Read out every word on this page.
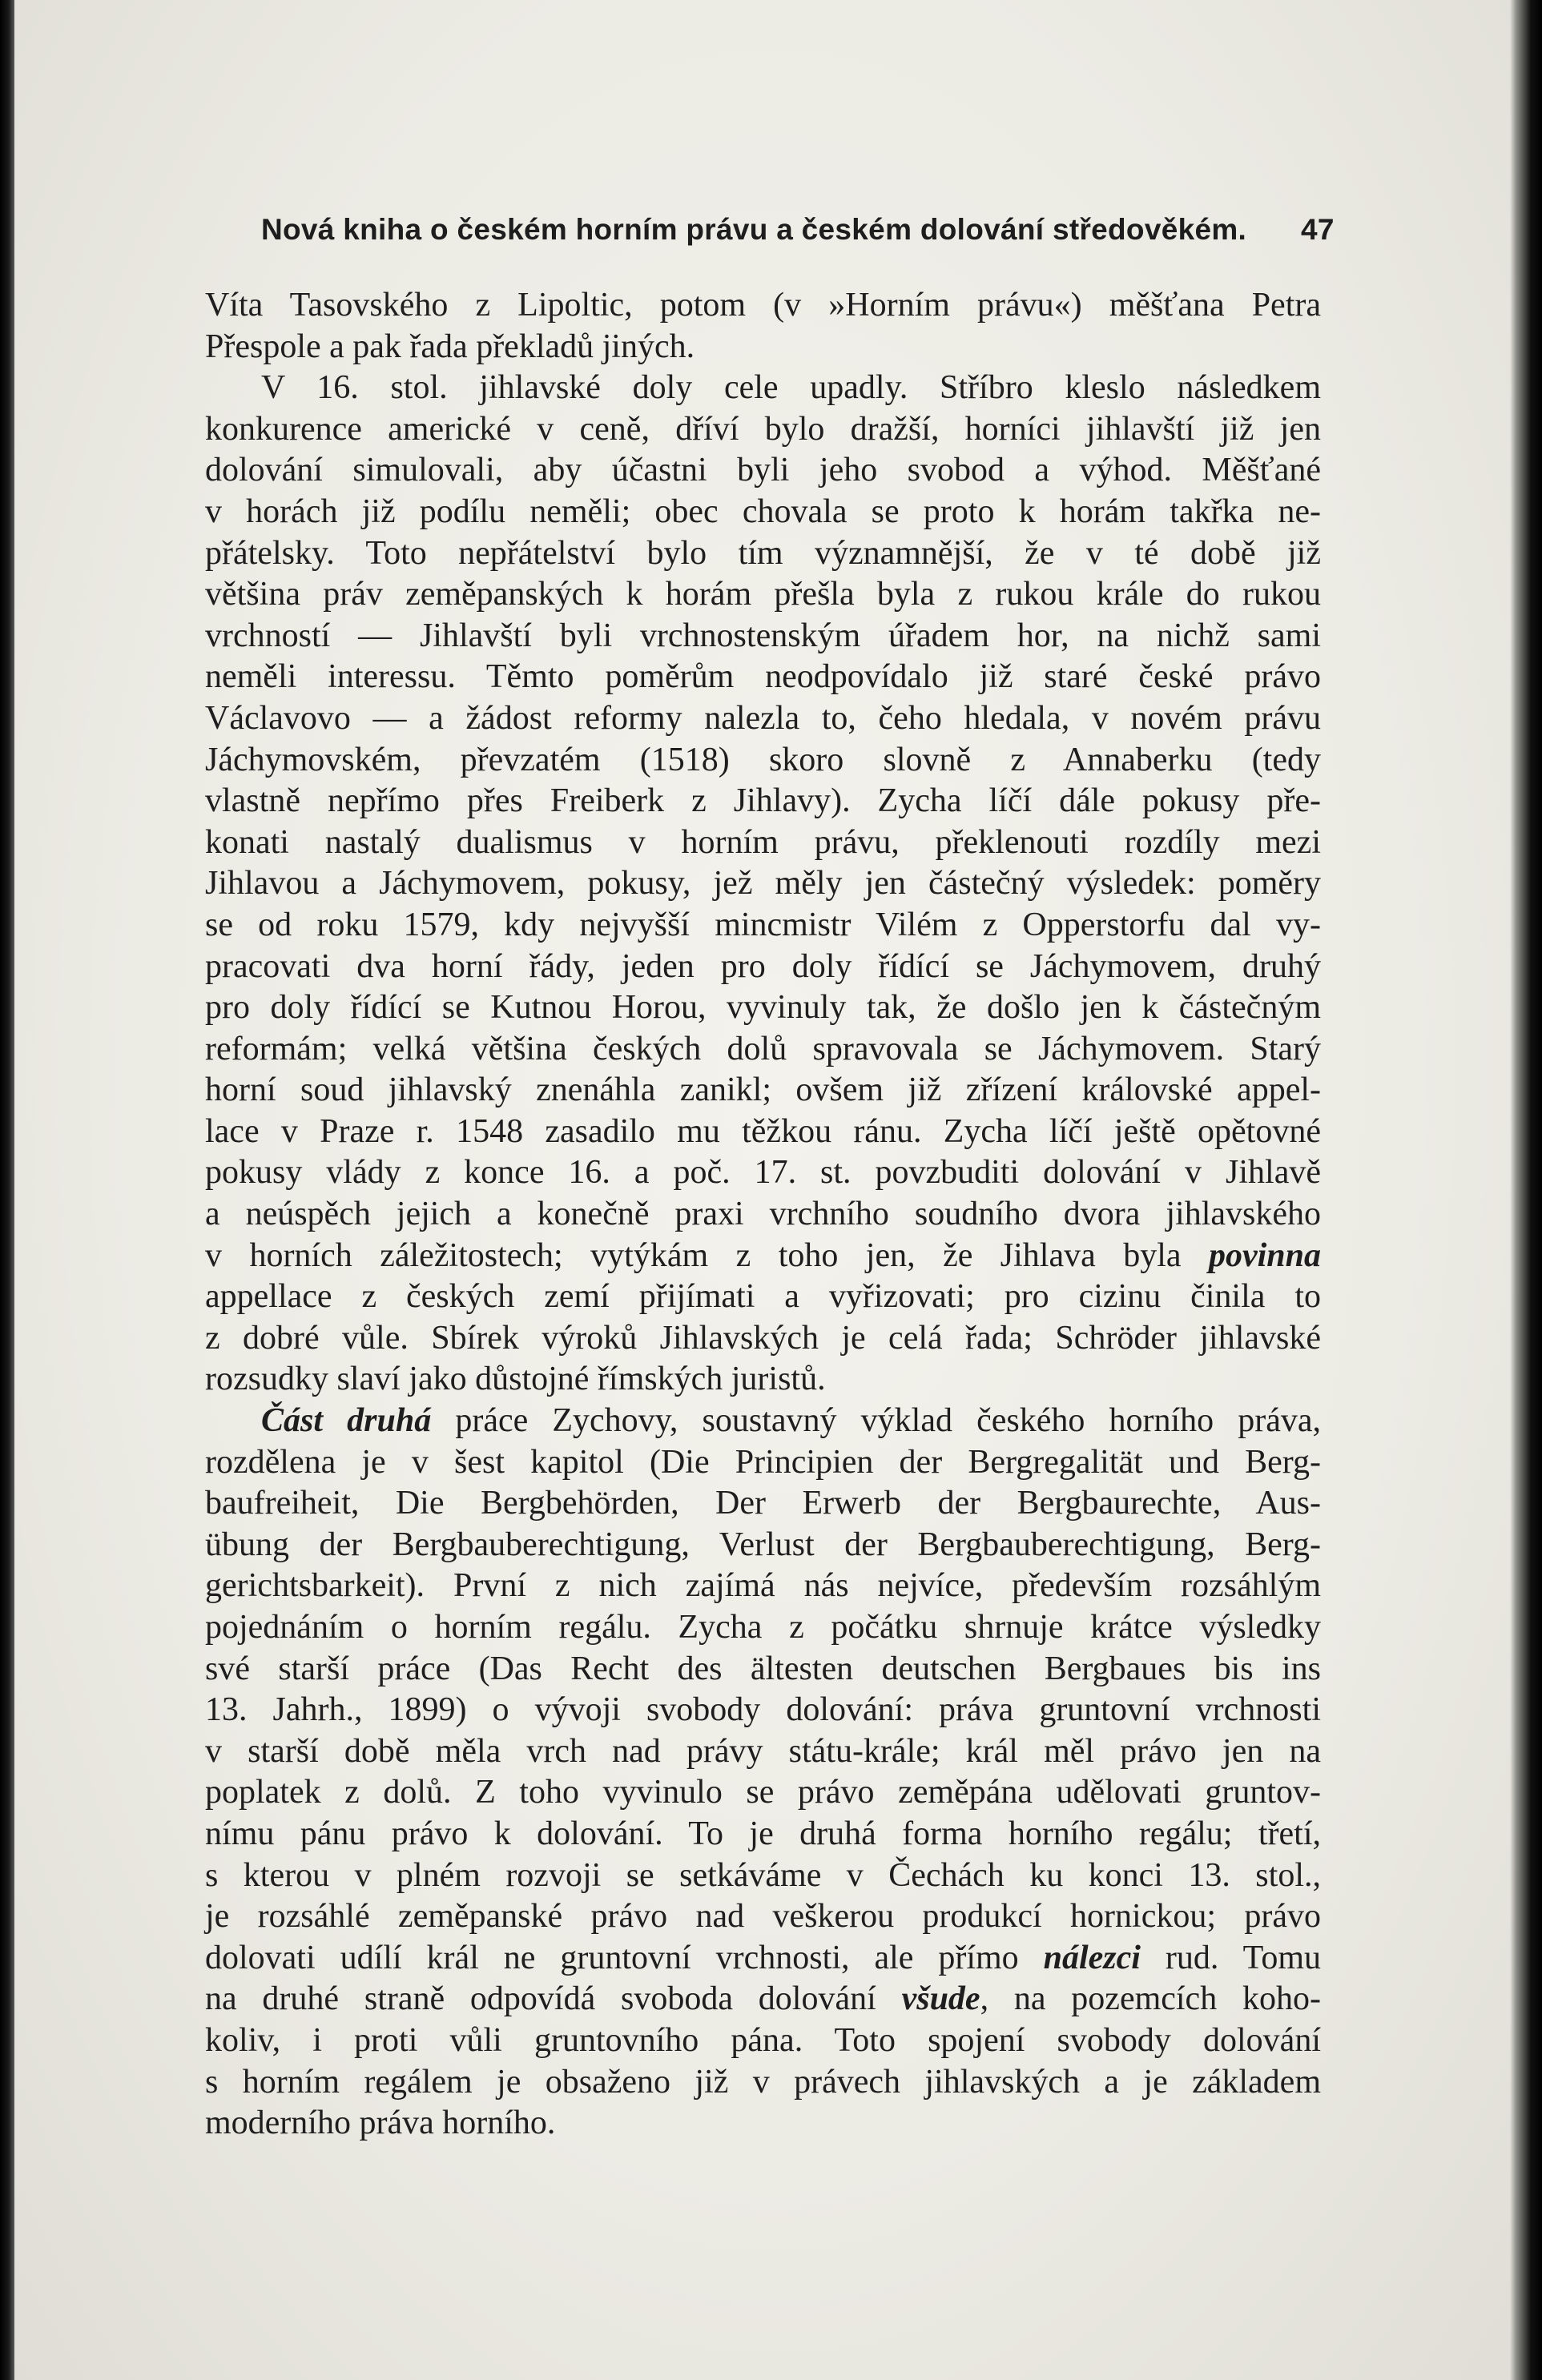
Nová kniha o českém horním právu a českém dolování středověkém. 47
Víta Tasovského z Lipoltic, potom (v »Horním právu«) měšťana Petra
Přespole a pak řada překladů jiných.
V 16. stol. jihlavské doly cele upadly. Stříbro kleslo následkem
konkurence americké v ceně, dříví bylo dražší, horníci jihlavští již jen
dolování simulovali, aby účastni byli jeho svobod a výhod. Měšťané
v horách již podílu neměli; obec chovala se proto k horám takřka ne-
přátelsky. Toto nepřátelství bylo tím významnější, že v té době již
většina práv zeměpanských k horám přešla byla z rukou krále do rukou
vrchností — Jihlavští byli vrchnostenským úřadem hor, na nichž sami
neměli interessu. Těmto poměrům neodpovídalo již staré české právo
Václavovo — a žádost reformy nalezla to, čeho hledala, v novém právu
Jáchymovském, převzatém (1518) skoro slovně z Annaberku (tedy
vlastně nepřímo přes Freiberk z Jihlavy). Zycha líčí dále pokusy pře-
konati nastalý dualismus v horním právu, překlenouti rozdíly mezi
Jihlavou a Jáchymovem, pokusy, jež měly jen částečný výsledek: poměry
se od roku 1579, kdy nejvyšší mincmistr Vilém z Opperstorfu dal vy-
pracovati dva horní řády, jeden pro doly řídící se Jáchymovem, druhý
pro doly řídící se Kutnou Horou, vyvinuly tak, že došlo jen k částečným
reformám; velká většina českých dolů spravovala se Jáchymovem. Starý
horní soud jihlavský znenáhla zanikl; ovšem již zřízení královské appel-
lace v Praze r. 1548 zasadilo mu těžkou ránu. Zycha líčí ještě opětovné
pokusy vlády z konce 16. a poč. 17. st. povzbuditi dolování v Jihlavě
a neúspěch jejich a konečně praxi vrchního soudního dvora jihlavského
v horních záležitostech; vytýkám z toho jen, že Jihlava byla povinna
appellace z českých zemí přijímati a vyřizovati; pro cizinu činila to
z dobré vůle. Sbírek výroků Jihlavských je celá řada; Schröder jihlavské
rozsudky slaví jako důstojné římských juristů.
Část druhá práce Zychovy, soustavný výklad českého horního práva,
rozdělena je v šest kapitol (Die Principien der Bergregalität und Berg-
baufreiheit, Die Bergbehörden, Der Erwerb der Bergbaurechte, Aus-
übung der Bergbauberechtigung, Verlust der Bergbauberechtigung, Berg-
gerichtsbarkeit). První z nich zajímá nás nejvíce, především rozsáhlým
pojednáním o horním regálu. Zycha z počátku shrnuje krátce výsledky
své starší práce (Das Recht des ältesten deutschen Bergbaues bis ins
13. Jahrh., 1899) o vývoji svobody dolování: práva gruntovní vrchnosti
v starší době měla vrch nad právy státu-krále; král měl právo jen na
poplatek z dolů. Z toho vyvinulo se právo zeměpána udělovati gruntov-
nímu pánu právo k dolování. To je druhá forma horního regálu; třetí,
s kterou v plném rozvoji se setkáváme v Čechách ku konci 13. stol.,
je rozsáhlé zeměpanské právo nad veškerou produkcí hornickou; právo
dolovati udílí král ne gruntovní vrchnosti, ale přímo nálezci rud. Tomu
na druhé straně odpovídá svoboda dolování všude, na pozemcích koho-
koliv, i proti vůli gruntovního pána. Toto spojení svobody dolování
s horním regálem je obsaženo již v právech jihlavských a je základem
moderního práva horního.
